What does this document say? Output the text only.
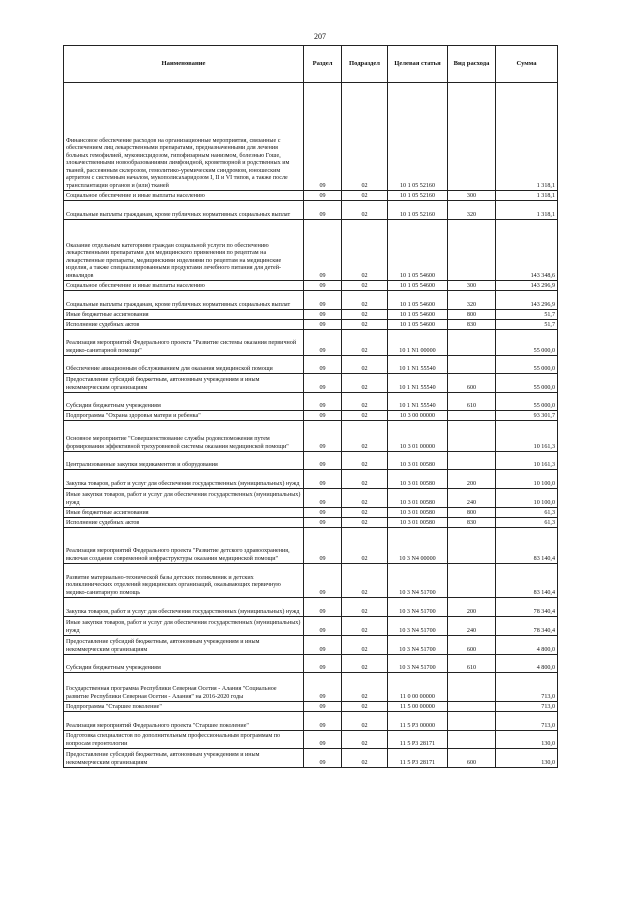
207
Наименование	Раздел	Подраздел	Целевая статья	Вид расхода	Сумма
Финансовое обеспечение расходов на организационные мероприятия, связанные с обеспечением лиц лекарственными препаратами, предназначенными для лечения больных гемофилией, муковисцидозом, гипофизарным нанизмом, болезнью Гоше, злокачественными новообразованиями лимфоидной, кроветворной и родственных им тканей, рассеянным склерозом, гемолитико-уремическим синдромом, юношеским артритом с системным началом, мукополисахаридозом I, II и VI типов, а также после трансплантации органов и (или) тканей	09	02	10 1 05 52160		1 318,1
Социальное обеспечение и иные выплаты населению	09	02	10 1 05 52160	300	1 318,1
Социальные выплаты гражданам, кроме публичных нормативных социальных выплат	09	02	10 1 05 52160	320	1 318,1
Оказание отдельным категориям граждан социальной услуги по обеспечению лекарственными препаратами для медицинского применения по рецептам на лекарственные препараты, медицинскими изделиями по рецептам на медицинские изделия, а также специализированными продуктами лечебного питания для детей-инвалидов	09	02	10 1 05 54600		143 348,6
Социальное обеспечение и иные выплаты населению	09	02	10 1 05 54600	300	143 296,9
Социальные выплаты гражданам, кроме публичных нормативных социальных выплат	09	02	10 1 05 54600	320	143 296,9
Иные бюджетные ассигнования	09	02	10 1 05 54600	800	51,7
Исполнение судебных актов	09	02	10 1 05 54600	830	51,7
Реализация мероприятий Федерального проекта "Развитие системы оказания первичной медико-санитарной помощи"	09	02	10 1 N1 00000		55 000,0
Обеспечение авиационным обслуживанием для оказания медицинской помощи	09	02	10 1 N1 55540		55 000,0
Предоставление субсидий бюджетным, автономным учреждениям и иным некоммерческим организациям	09	02	10 1 N1 55540	600	55 000,0
Субсидии бюджетным учреждениям	09	02	10 1 N1 55540	610	55 000,0
Подпрограмма "Охрана здоровья матери и ребенка"	09	02	10 3 00 00000		93 301,7
Основное мероприятие "Совершенствование службы родовспоможения путем формирования эффективной трехуровневой системы оказания медицинской помощи"	09	02	10 3 01 00000		10 161,3
Централизованные закупки медикаментов и оборудования	09	02	10 3 01 00580		10 161,3
Закупка товаров, работ и услуг для обеспечения государственных (муниципальных) нужд	09	02	10 3 01 00580	200	10 100,0
Иные закупки товаров, работ и услуг для обеспечения государственных (муниципальных) нужд	09	02	10 3 01 00580	240	10 100,0
Иные бюджетные ассигнования	09	02	10 3 01 00580	800	61,3
Исполнение судебных актов	09	02	10 3 01 00580	830	61,3
Реализация мероприятий Федерального проекта "Развитие детского здравоохранения, включая создание современной инфраструктуры оказания медицинской помощи"	09	02	10 3 N4 00000		83 140,4
Развитие материально-технической базы детских поликлиник и детских поликлинических отделений медицинских организаций, оказывающих первичную медико-санитарную помощь	09	02	10 3 N4 51700		83 140,4
Закупка товаров, работ и услуг для обеспечения государственных (муниципальных) нужд	09	02	10 3 N4 51700	200	78 340,4
Иные закупки товаров, работ и услуг для обеспечения государственных (муниципальных) нужд	09	02	10 3 N4 51700	240	78 340,4
Предоставление субсидий бюджетным, автономным учреждениям и иным некоммерческим организациям	09	02	10 3 N4 51700	600	4 800,0
Субсидии бюджетным учреждениям	09	02	10 3 N4 51700	610	4 800,0
Государственная программа Республики Северная Осетия - Алания "Социальное развитие Республики Северная Осетия - Алания" на 2016-2020 годы	09	02	11 0 00 00000		713,0
Подпрограмма "Старшее поколение"	09	02	11 5 00 00000		713,0
Реализация мероприятий Федерального проекта "Старшее поколение"	09	02	11 5 P3 00000		713,0
Подготовка специалистов по дополнительным профессиональным программам по вопросам геронтологии	09	02	11 5 P3 28171		130,0
Предоставление субсидий бюджетным, автономным учреждениям и иным некоммерческим организациям	09	02	11 5 P3 28171	600	130,0
